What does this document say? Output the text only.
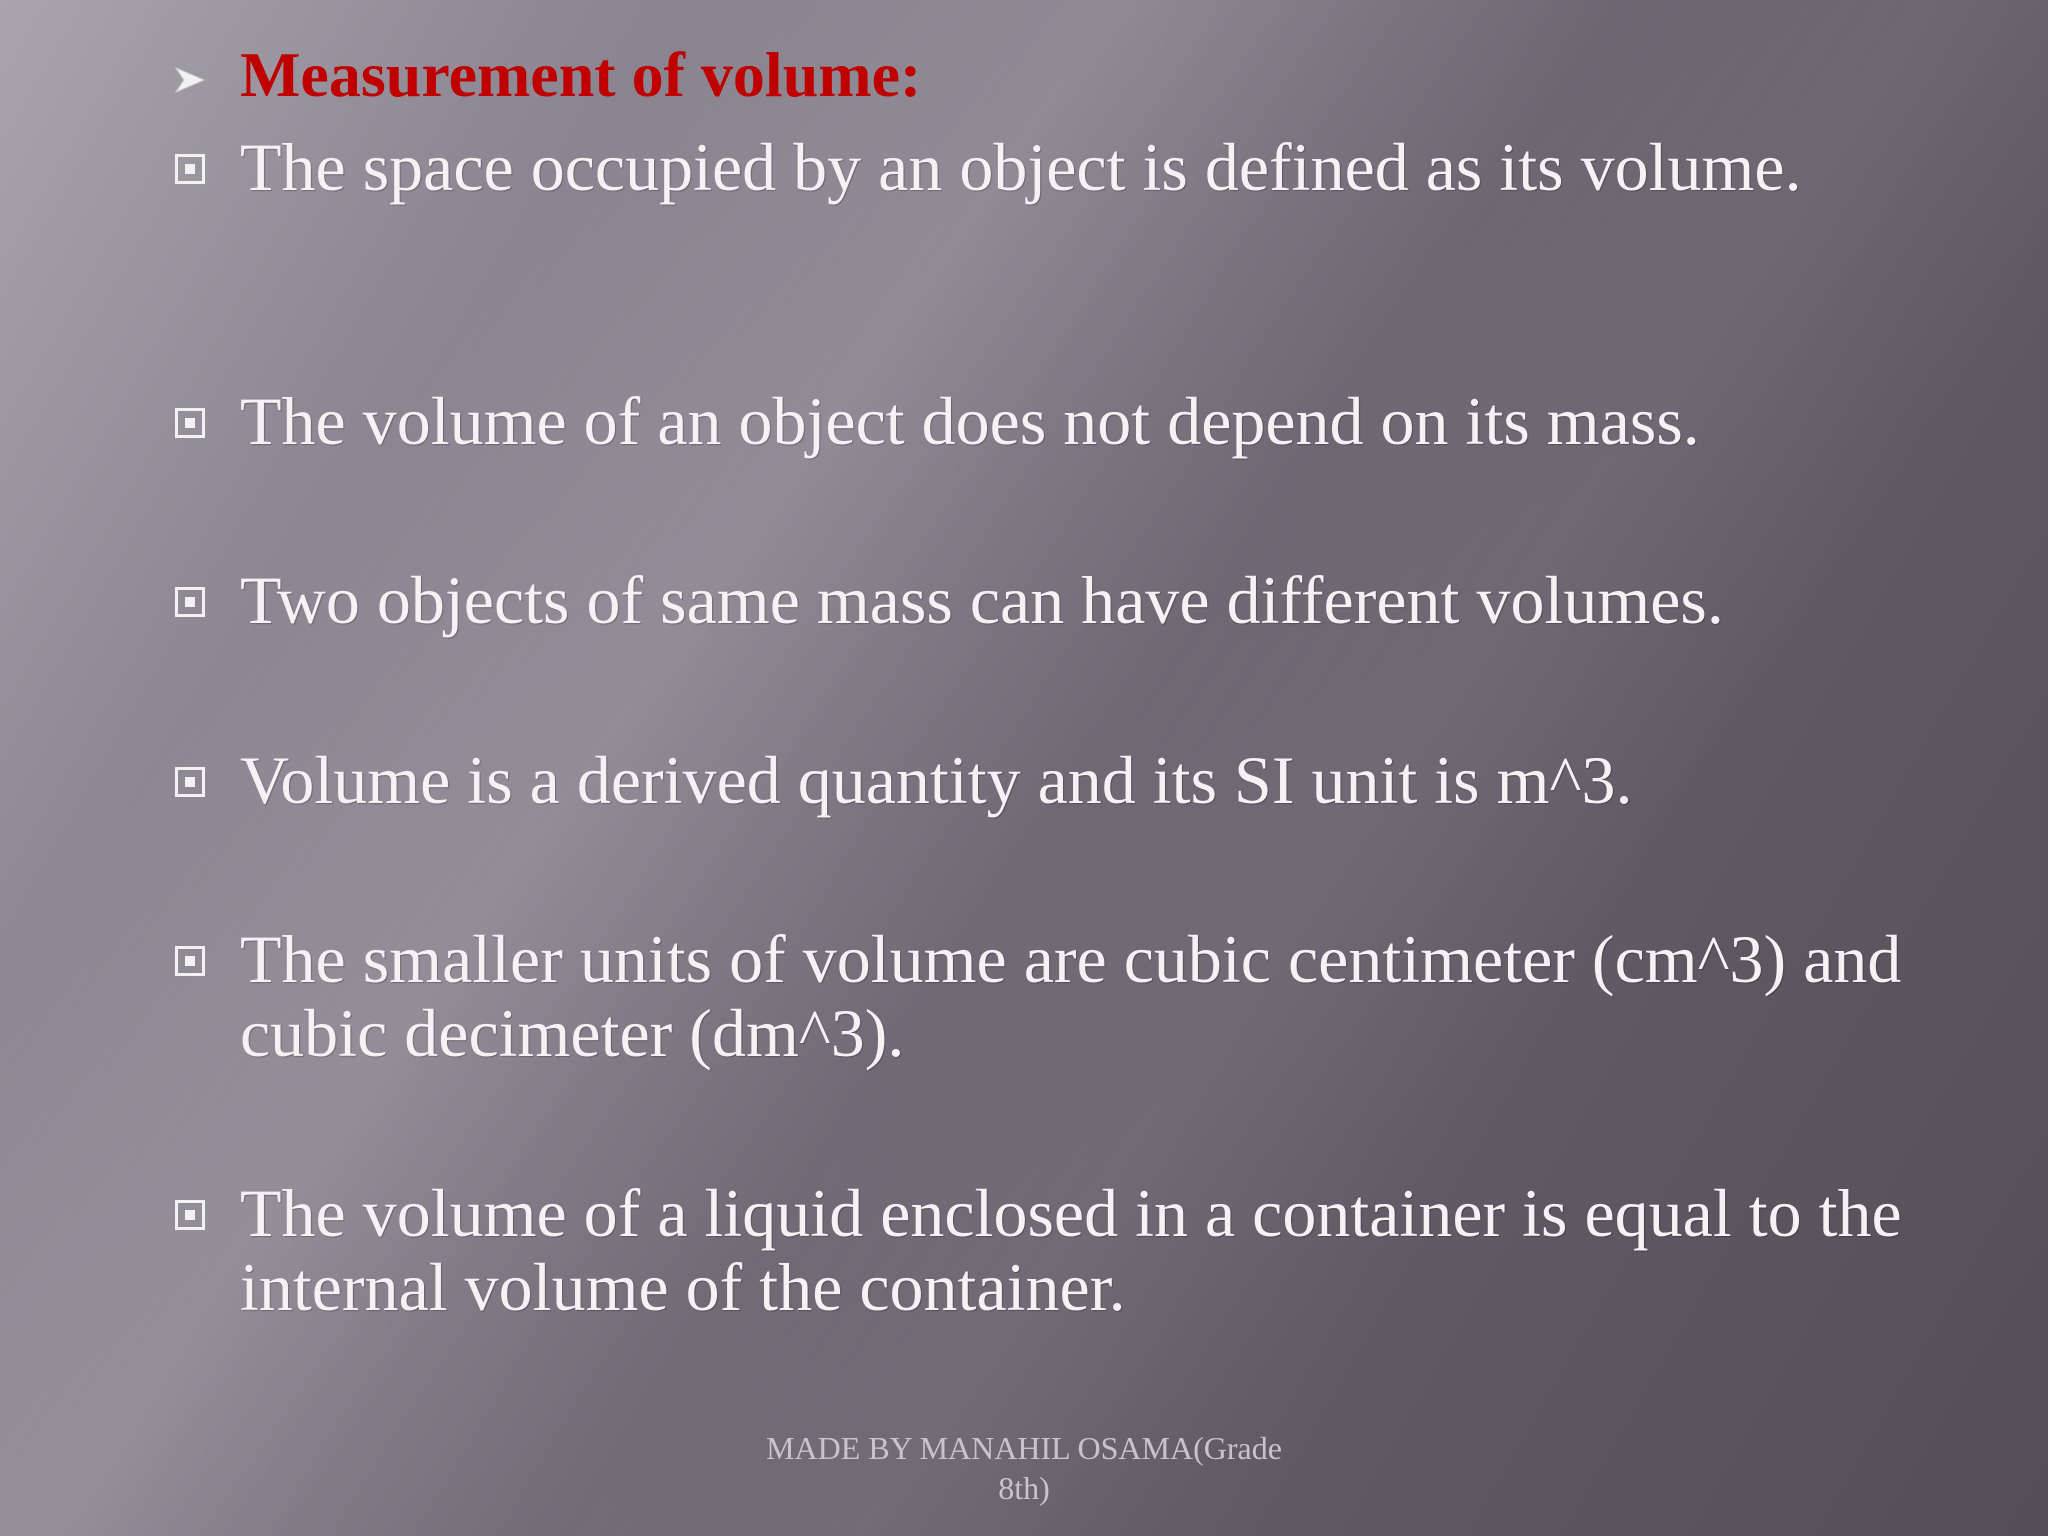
Measurement of volume:
The space occupied by an object is defined as its volume.
The volume of an object does not depend on its mass.
Two objects of same mass can have different volumes.
Volume is a derived quantity and its SI unit is m^3.
The smaller units of volume are cubic centimeter (cm^3) and cubic decimeter (dm^3).
The volume of a liquid enclosed in a container is equal to the internal volume of the container.
MADE BY MANAHIL OSAMA(Grade
8th)
